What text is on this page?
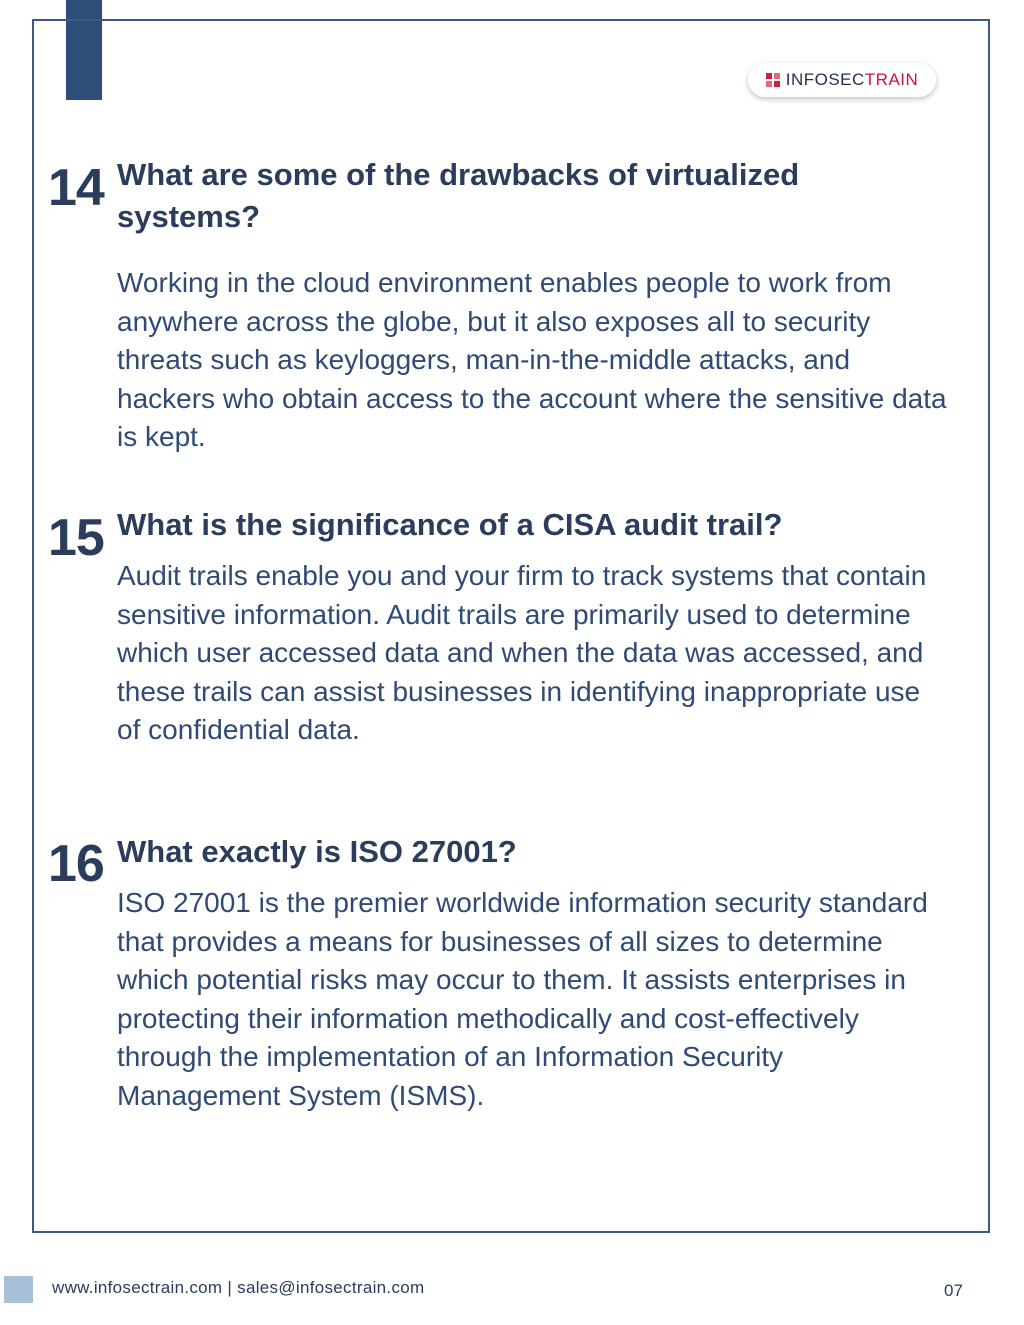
INFOSECTRAIN
14 What are some of the drawbacks of virtualized systems?
Working in the cloud environment enables people to work from anywhere across the globe, but it also exposes all to security threats such as keyloggers, man-in-the-middle attacks, and hackers who obtain access to the account where the sensitive data is kept.
15 What is the significance of a CISA audit trail?
Audit trails enable you and your firm to track systems that contain sensitive information. Audit trails are primarily used to determine which user accessed data and when the data was accessed, and these trails can assist businesses in identifying inappropriate use of confidential data.
16 What exactly is ISO 27001?
ISO 27001 is the premier worldwide information security standard that provides a means for businesses of all sizes to determine which potential risks may occur to them. It assists enterprises in protecting their information methodically and cost-effectively through the implementation of an Information Security Management System (ISMS).
www.infosectrain.com | sales@infosectrain.com	07
